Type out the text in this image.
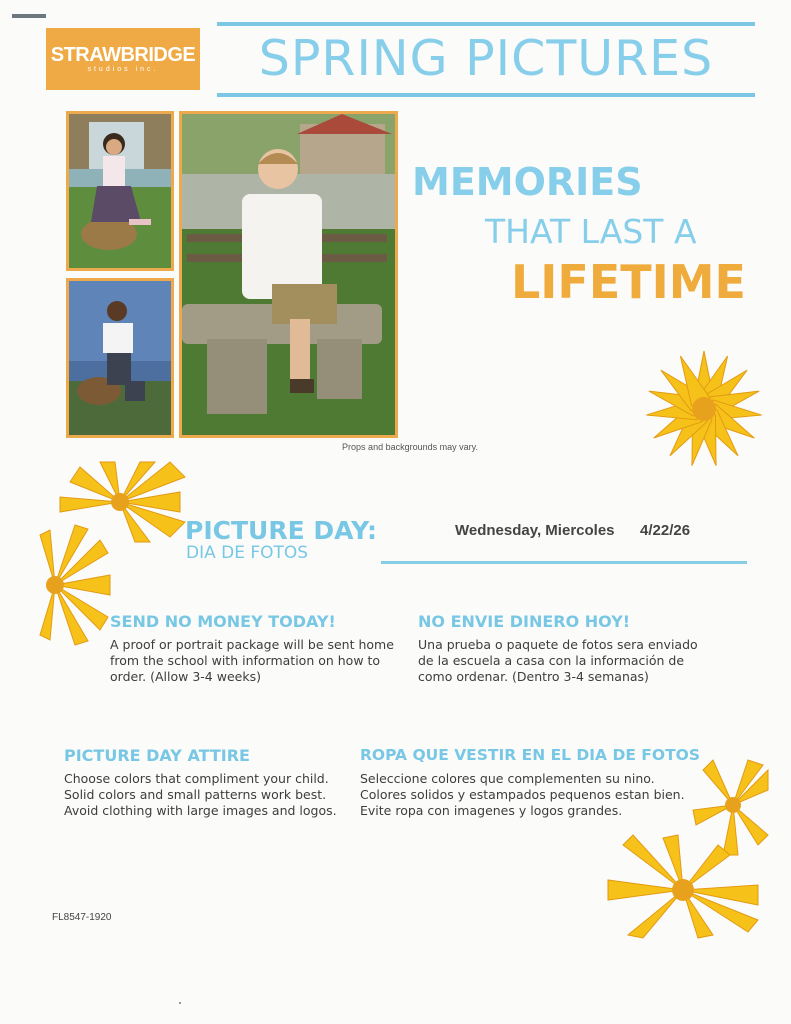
STRAWBRIDGE
studios inc.	SPRING PICTURES
Props and backgrounds may vary.
MEMORIES
THAT LAST A
LIFETIME
PICTURE DAY:
DIA DE FOTOS
Wednesday, Miercoles 4/22/26
SEND NO MONEY TODAY!
A proof or portrait package will be sent home
from the school with information on how to
order. (Allow 3-4 weeks)
NO ENVIE DINERO HOY!
Una prueba o paquete de fotos sera enviado
de la escuela a casa con la información de
como ordenar. (Dentro 3-4 semanas)
PICTURE DAY ATTIRE
Choose colors that compliment your child.
Solid colors and small patterns work best.
Avoid clothing with large images and logos.
ROPA QUE VESTIR EN EL DIA DE FOTOS
Seleccione colores que complementen su nino.
Colores solidos y estampados pequenos estan bien.
Evite ropa con imagenes y logos grandes.
FL8547-1920
